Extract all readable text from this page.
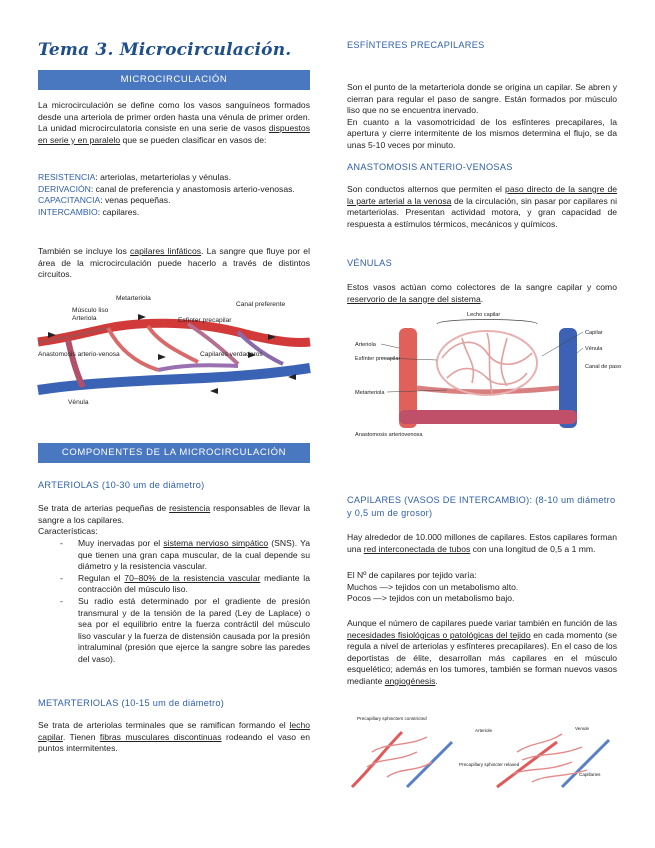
Tema 3. Microcirculación.
MICROCIRCULACIÓN

La microcirculación se define como los vasos sanguíneos formados desde una arteriola de primer orden hasta una vénula de primer orden. La unidad microcirculatoria consiste en una serie de vasos dispuestos en serie y en paralelo que se pueden clasificar en vasos de:

RESISTENCIA: arteriolas, metarteriolas y vénulas.

DERIVACIÓN: canal de preferencia y anastomosis arterio-venosas.

CAPACITANCIA: venas pequeñas.

INTERCAMBIO: capilares.

También se incluye los capilares linfáticos. La sangre que fluye por el área de la microcirculación puede hacerlo a través de distintos circuitos.

Metarteriola
Músculo liso
Arteriola
Canal preferente
Esfínter precapilar
Anastomosis arterio-venosa	Capilares verdaderos
Vénula
COMPONENTES DE LA MICROCIRCULACIÓN
ARTERIOLAS (10-30 um de diámetro)

Se trata de arterias pequeñas de resistencia responsables de llevar la sangre a los capilares.

Características:

- Muy inervadas por el sistema nervioso simpático (SNS). Ya que tienen una gran capa muscular, de la cual depende su diámetro y la resistencia vascular.
- Regulan el 70–80% de la resistencia vascular mediante la contracción del músculo liso.
- Su radio está determinado por el gradiente de presión transmural y de la tensión de la pared (Ley de Laplace) o sea por el equilibrio entre la fuerza contráctil del músculo liso vascular y la fuerza de distensión causada por la presión intraluminal (presión que ejerce la sangre sobre las paredes del vaso).
METARTERIOLAS (10-15 um de diámetro)

Se trata de arteriolas terminales que se ramifican formando el lecho capilar. Tienen fibras musculares discontinuas rodeando el vaso en puntos intermitentes.

ESFÍNTERES PRECAPILARES

Son el punto de la metarteriola donde se origina un capilar. Se abren y cierran para regular el paso de sangre. Están formados por músculo liso que no se encuentra inervado.
En cuanto a la vasomotricidad de los esfínteres precapilares, la apertura y cierre intermitente de los mismos determina el flujo, se da unas 5-10 veces por minuto.

ANASTOMOSIS ANTERIO-VENOSAS

Son conductos alternos que permiten el paso directo de la sangre de la parte arterial a la venosa de la circulación, sin pasar por capilares ni metarteriolas. Presentan actividad motora, y gran capacidad de respuesta a estímulos térmicos, mecánicos y químicos.

VÉNULAS

Estos vasos actúan como colectores de la sangre capilar y como reservorio de la sangre del sistema.

Lecho capilar
Arteriola
Esfínter precapilar
Metarteriola
Anastomosis arteriovenosa
Capilar
Vénula
Canal de paso
CAPILARES (VASOS DE INTERCAMBIO): (8-10 um diámetro y 0,5 um de grosor)

Hay alrededor de 10.000 millones de capilares. Estos capilares forman una red interconectada de tubos con una longitud de 0,5 a 1 mm.

El Nº de capilares por tejido varía:

Muchos —> tejidos con un metabolismo alto.

Pocos —> tejidos con un metabolismo bajo.

Aunque el número de capilares puede variar también en función de las necesidades fisiológicas o patológicas del tejido en cada momento (se regula a nivel de arteriolas y esfínteres precapilares). En el caso de los deportistas de élite, desarrollan más capilares en el músculo esquelético; además en los tumores, también se forman nuevos vasos mediante angiogénesis.

Precapillary sphincters constricted
Arteriole	Venule
Precapillary sphincter relaxed
Capillaries
